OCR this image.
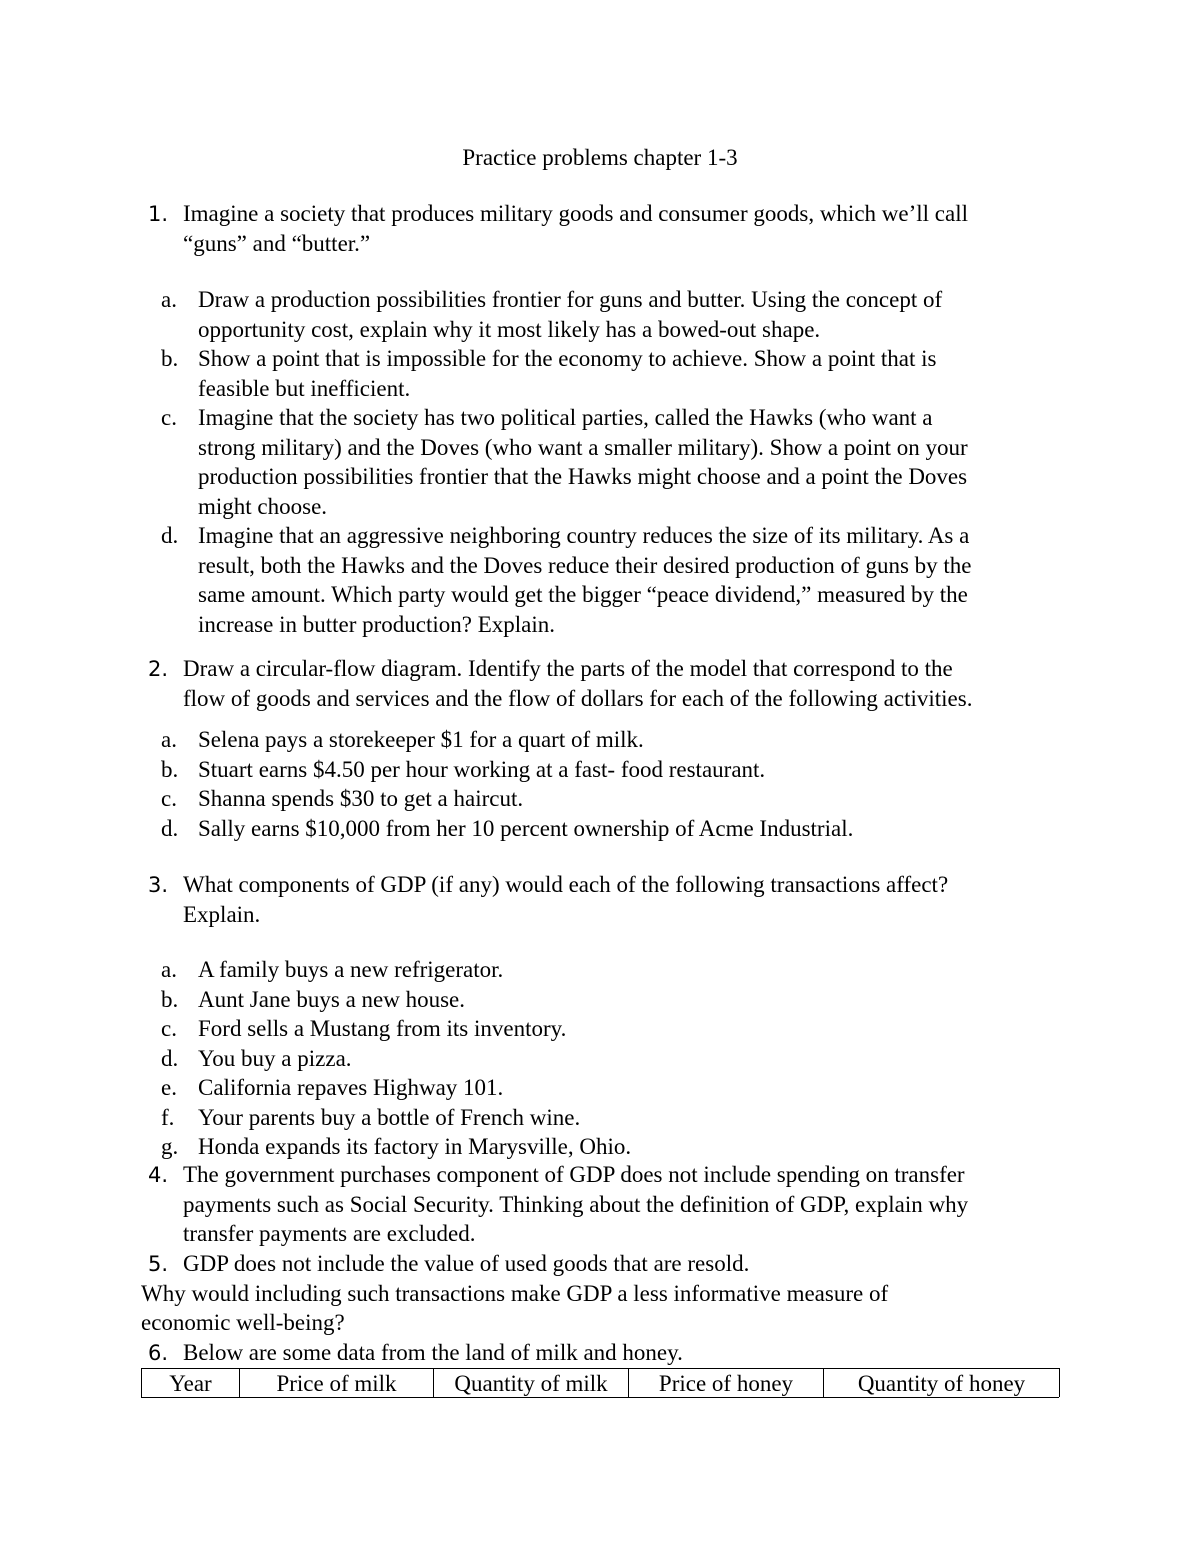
Practice problems chapter 1-3
1. Imagine a society that produces military goods and consumer goods, which we’ll call
“guns” and “butter.”
a. Draw a production possibilities frontier for guns and butter. Using the concept of
opportunity cost, explain why it most likely has a bowed-out shape.
b. Show a point that is impossible for the economy to achieve. Show a point that is
feasible but inefficient.
c. Imagine that the society has two political parties, called the Hawks (who want a
strong military) and the Doves (who want a smaller military). Show a point on your
production possibilities frontier that the Hawks might choose and a point the Doves
might choose.
d. Imagine that an aggressive neighboring country reduces the size of its military. As a
result, both the Hawks and the Doves reduce their desired production of guns by the
same amount. Which party would get the bigger “peace dividend,” measured by the
increase in butter production? Explain.
2. Draw a circular-flow diagram. Identify the parts of the model that correspond to the
flow of goods and services and the flow of dollars for each of the following activities.
a. Selena pays a storekeeper $1 for a quart of milk.
b. Stuart earns $4.50 per hour working at a fast- food restaurant.
c. Shanna spends $30 to get a haircut.
d. Sally earns $10,000 from her 10 percent ownership of Acme Industrial.
3. What components of GDP (if any) would each of the following transactions affect?
Explain.
a. A family buys a new refrigerator.
b. Aunt Jane buys a new house.
c. Ford sells a Mustang from its inventory.
d. You buy a pizza.
e. California repaves Highway 101.
f. Your parents buy a bottle of French wine.
g. Honda expands its factory in Marysville, Ohio.
4. The government purchases component of GDP does not include spending on transfer
payments such as Social Security. Thinking about the definition of GDP, explain why
transfer payments are excluded.
5. GDP does not include the value of used goods that are resold.
Why would including such transactions make GDP a less informative measure of
economic well-being?
6. Below are some data from the land of milk and honey.
Year	Price of milk	Quantity of milk	Price of honey	Quantity of honey
